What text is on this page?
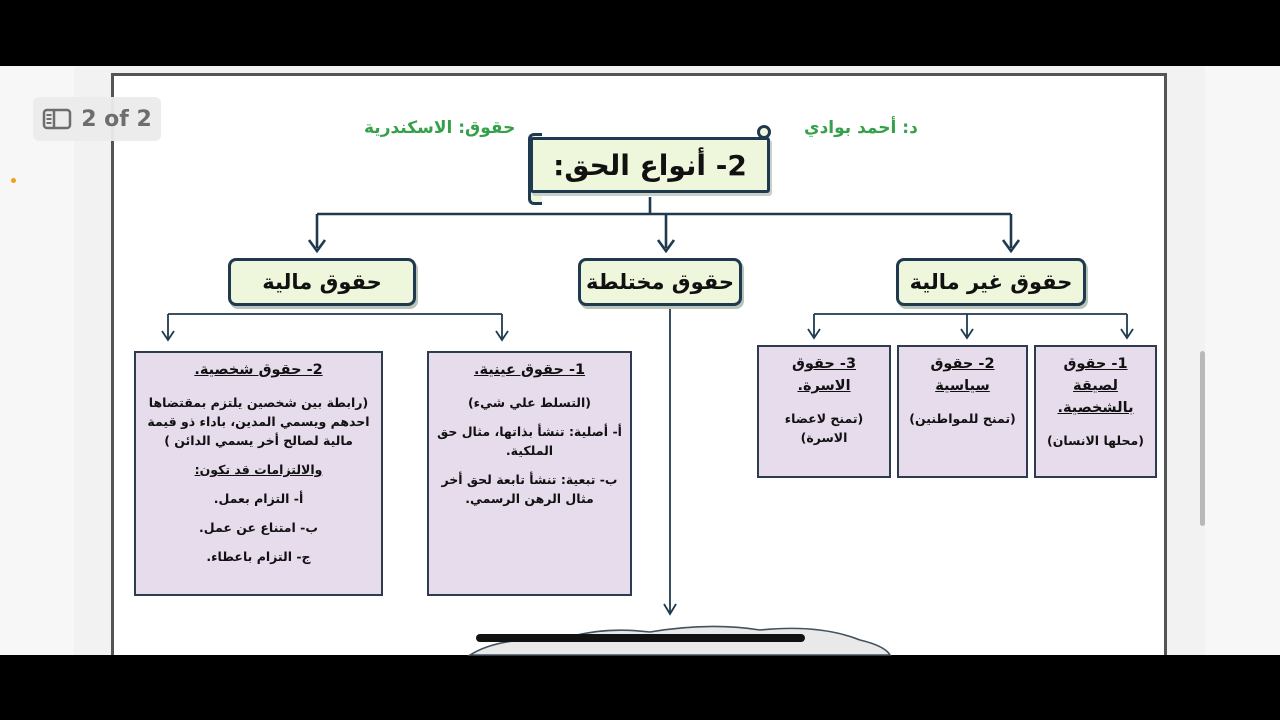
د: أحمد بوادي
حقوق: الاسكندرية
2 of 2
2- أنواع الحق:
حقوق مالية	حقوق مختلطة	حقوق غير مالية
2- حقوق شخصية.

(رابطة بين شخصين يلتزم بمقتضاها احدهم ويسمي المدين، باداء ذو قيمة مالية لصالح أخر يسمي الدائن )

والالتزامات قد تكون:

أ- التزام بعمل.

ب- امتناع عن عمل.

ج- التزام باعطاء.

1- حقوق عينية.

(التسلط علي شيء)

أ- أصلية: تنشأ بذاتها، مثال حق الملكية.

ب- تبعية: تنشأ تابعة لحق أخر مثال الرهن الرسمي.

3- حقوق الاسرة.

(تمنح لاعضاء الاسرة)

2- حقوق سياسية

(تمنح للمواطنين)

1- حقوق لصيقة بالشخصية.

(محلها الانسان)
